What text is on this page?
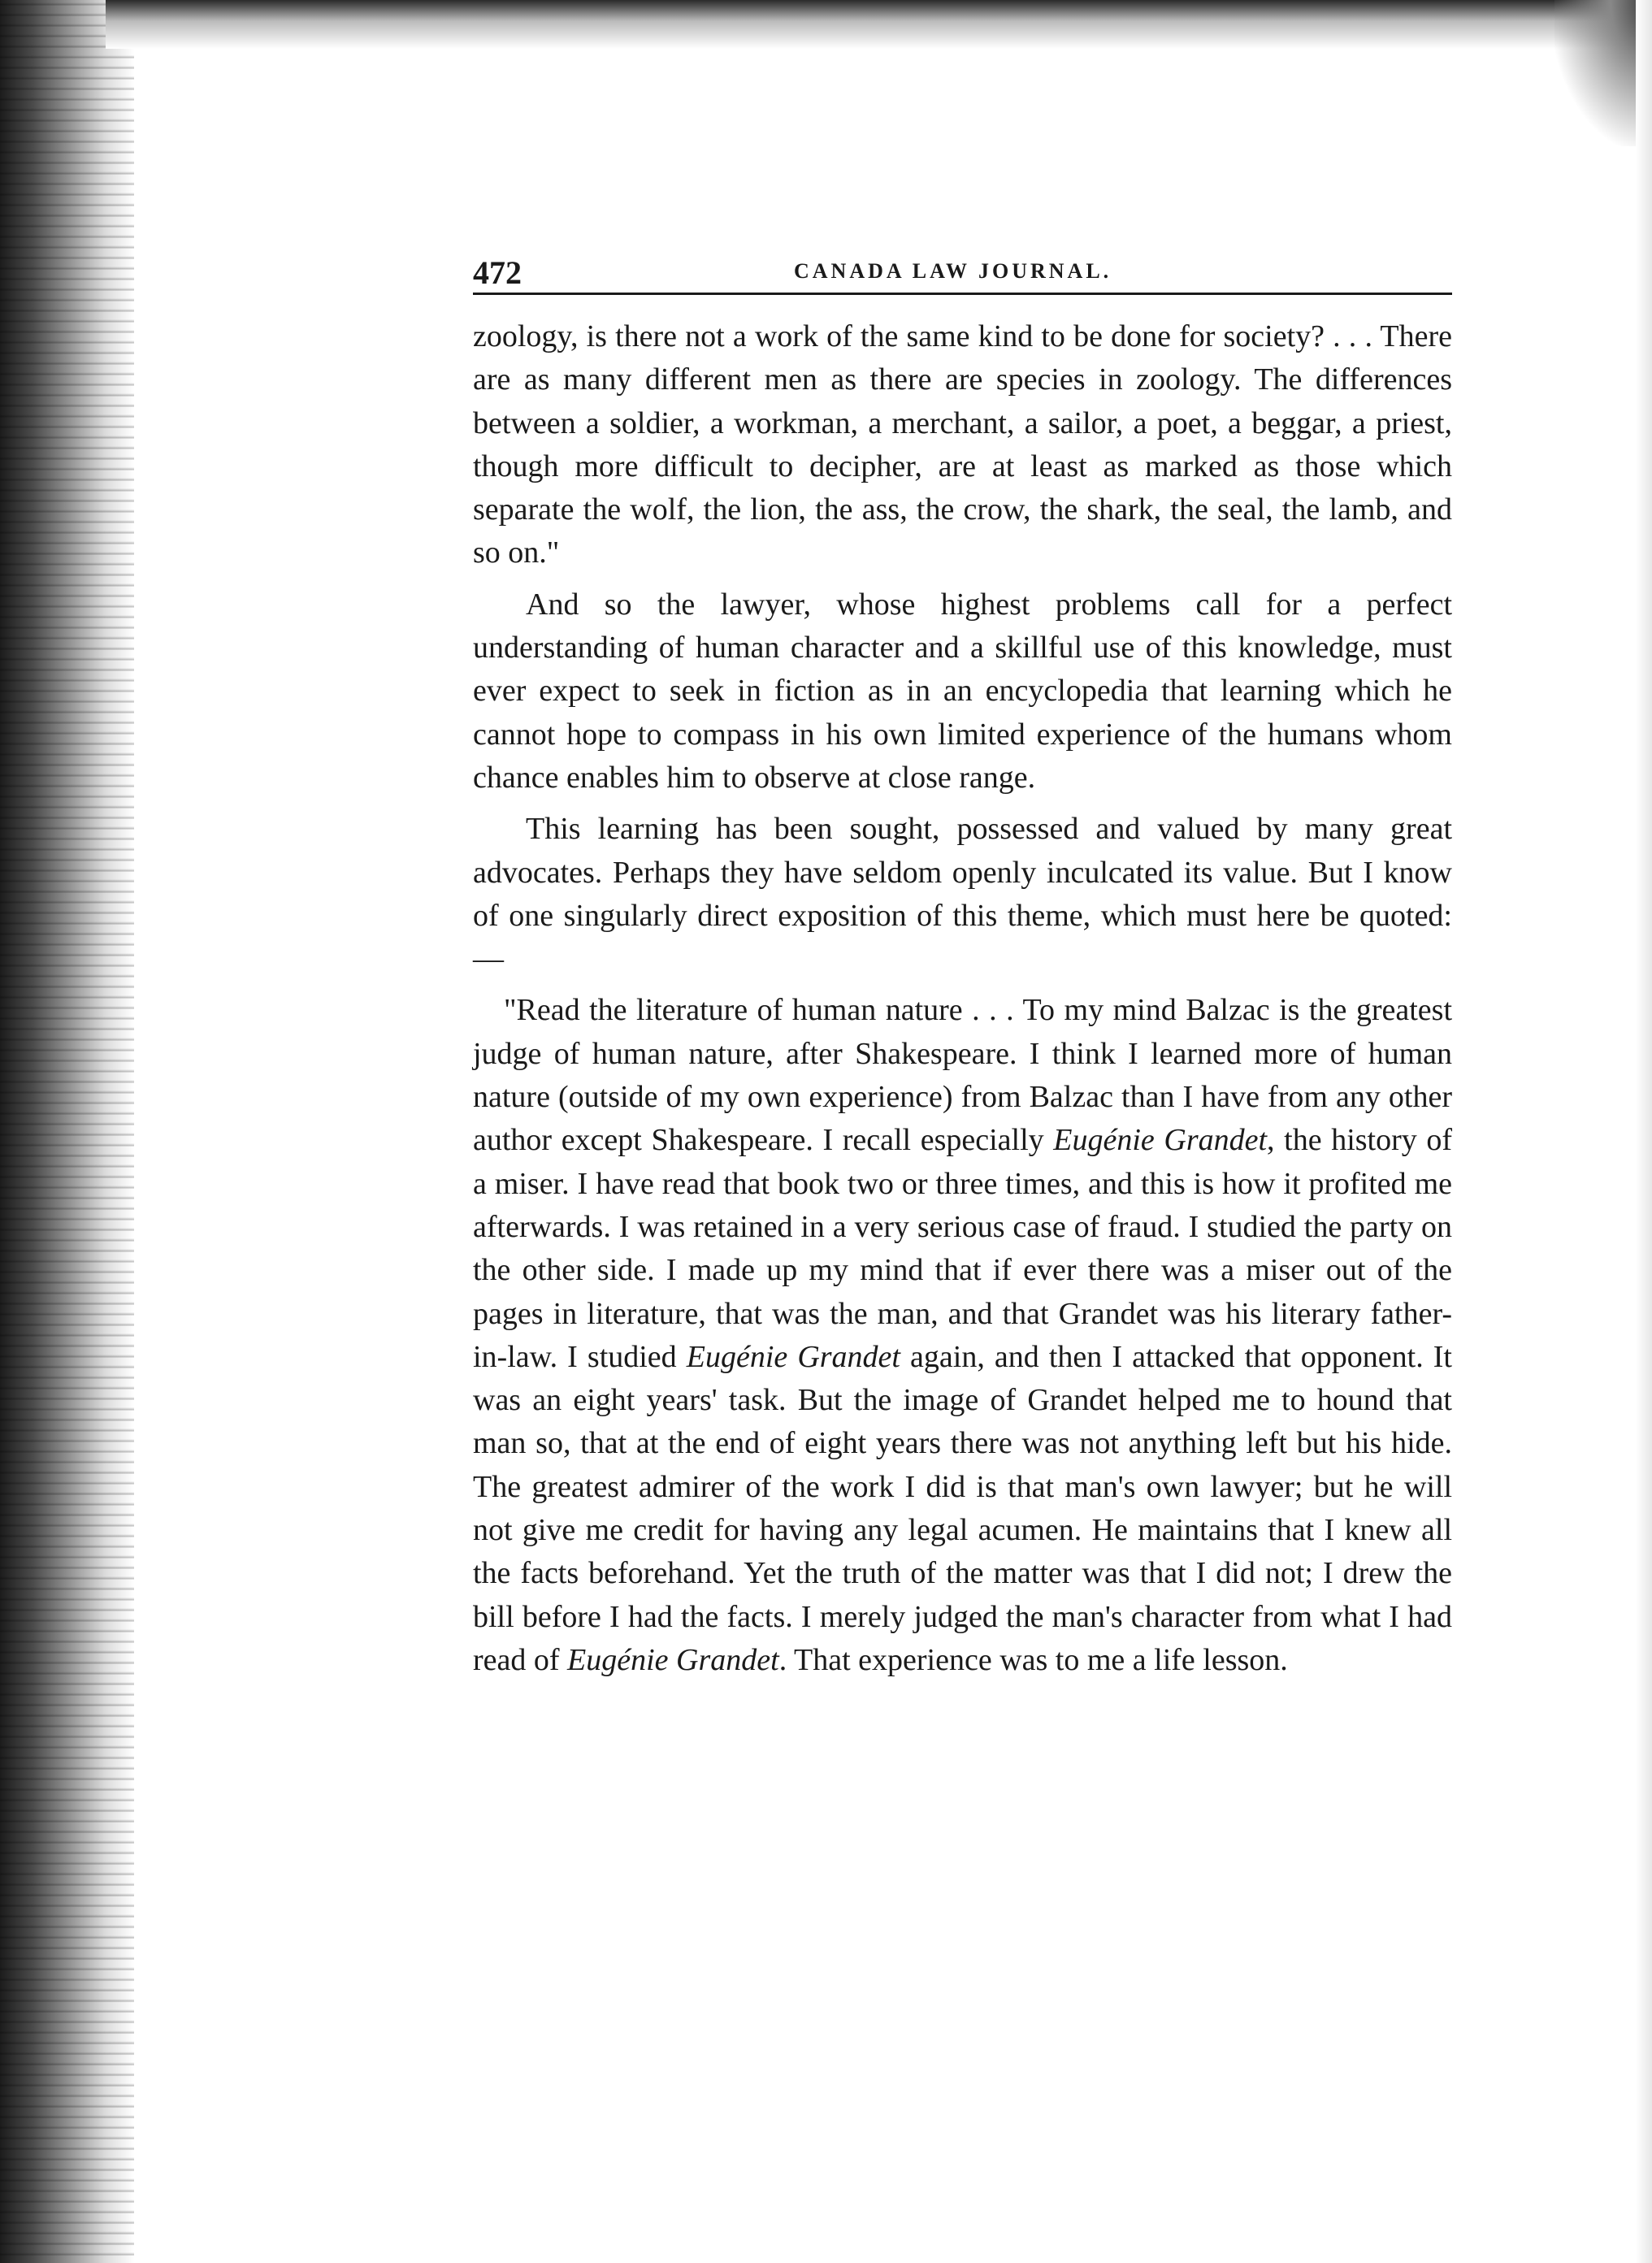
472	CANADA LAW JOURNAL.

zoology, is there not a work of the same kind to be done for society? . . . There are as many different men as there are species in zoology. The differences between a soldier, a workman, a merchant, a sailor, a poet, a beggar, a priest, though more difficult to decipher, are at least as marked as those which separate the wolf, the lion, the ass, the crow, the shark, the seal, the lamb, and so on."

And so the lawyer, whose highest problems call for a perfect understanding of human character and a skillful use of this knowledge, must ever expect to seek in fiction as in an encyclopedia that learning which he cannot hope to compass in his own limited experience of the humans whom chance enables him to observe at close range.

This learning has been sought, possessed and valued by many great advocates. Perhaps they have seldom openly inculcated its value. But I know of one singularly direct exposition of this theme, which must here be quoted:—

"Read the literature of human nature . . . To my mind Balzac is the greatest judge of human nature, after Shakespeare. I think I learned more of human nature (outside of my own experience) from Balzac than I have from any other author except Shakespeare. I recall especially Eugénie Grandet, the history of a miser. I have read that book two or three times, and this is how it profited me afterwards. I was retained in a very serious case of fraud. I studied the party on the other side. I made up my mind that if ever there was a miser out of the pages in literature, that was the man, and that Grandet was his literary father-in-law. I studied Eugénie Grandet again, and then I attacked that opponent. It was an eight years' task. But the image of Grandet helped me to hound that man so, that at the end of eight years there was not anything left but his hide. The greatest admirer of the work I did is that man's own lawyer; but he will not give me credit for having any legal acumen. He maintains that I knew all the facts beforehand. Yet the truth of the matter was that I did not; I drew the bill before I had the facts. I merely judged the man's character from what I had read of Eugénie Grandet. That experience was to me a life lesson.
